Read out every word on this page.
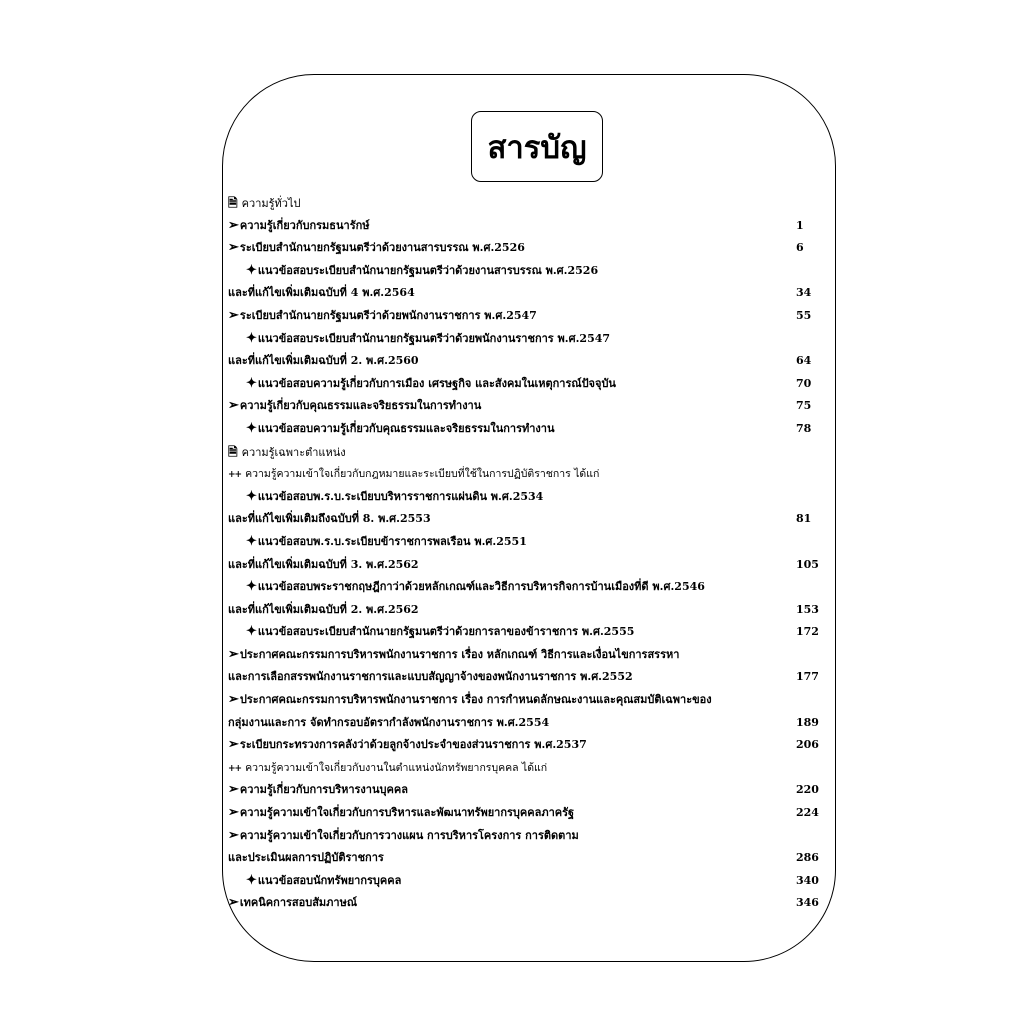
สารบัญ
🗎 ความรู้ทั่วไป
➢ความรู้เกี่ยวกับกรมธนารักษ์	1
➢ระเบียบสำนักนายกรัฐมนตรีว่าด้วยงานสารบรรณ พ.ศ.2526	6
✦แนวข้อสอบระเบียบสำนักนายกรัฐมนตรีว่าด้วยงานสารบรรณ พ.ศ.2526
และที่แก้ไขเพิ่มเติมฉบับที่ 4 พ.ศ.2564	34
➢ระเบียบสำนักนายกรัฐมนตรีว่าด้วยพนักงานราชการ พ.ศ.2547	55
✦แนวข้อสอบระเบียบสำนักนายกรัฐมนตรีว่าด้วยพนักงานราชการ พ.ศ.2547
และที่แก้ไขเพิ่มเติมฉบับที่ 2. พ.ศ.2560	64
✦แนวข้อสอบความรู้เกี่ยวกับการเมือง เศรษฐกิจ และสังคมในเหตุการณ์ปัจจุบัน	70
➢ความรู้เกี่ยวกับคุณธรรมและจริยธรรมในการทำงาน	75
✦แนวข้อสอบความรู้เกี่ยวกับคุณธรรมและจริยธรรมในการทำงาน	78
🗎 ความรู้เฉพาะตำแหน่ง
++ ความรู้ความเข้าใจเกี่ยวกับกฎหมายและระเบียบที่ใช้ในการปฏิบัติราชการ ได้แก่
✦แนวข้อสอบพ.ร.บ.ระเบียบบริหารราชการแผ่นดิน พ.ศ.2534
และที่แก้ไขเพิ่มเติมถึงฉบับที่ 8. พ.ศ.2553	81
✦แนวข้อสอบพ.ร.บ.ระเบียบข้าราชการพลเรือน พ.ศ.2551
และที่แก้ไขเพิ่มเติมฉบับที่ 3. พ.ศ.2562	105
✦แนวข้อสอบพระราชกฤษฎีกาว่าด้วยหลักเกณฑ์และวิธีการบริหารกิจการบ้านเมืองที่ดี พ.ศ.2546
และที่แก้ไขเพิ่มเติมฉบับที่ 2. พ.ศ.2562	153
✦แนวข้อสอบระเบียบสำนักนายกรัฐมนตรีว่าด้วยการลาของข้าราชการ พ.ศ.2555	172
➢ประกาศคณะกรรมการบริหารพนักงานราชการ เรื่อง หลักเกณฑ์ วิธีการและเงื่อนไขการสรรหา
และการเลือกสรรพนักงานราชการและแบบสัญญาจ้างของพนักงานราชการ พ.ศ.2552	177
➢ประกาศคณะกรรมการบริหารพนักงานราชการ เรื่อง การกำหนดลักษณะงานและคุณสมบัติเฉพาะของ
กลุ่มงานและการ จัดทำกรอบอัตรากำลังพนักงานราชการ พ.ศ.2554	189
➢ระเบียบกระทรวงการคลังว่าด้วยลูกจ้างประจำของส่วนราชการ พ.ศ.2537	206
++ ความรู้ความเข้าใจเกี่ยวกับงานในตำแหน่งนักทรัพยากรบุคคล ได้แก่
➢ความรู้เกี่ยวกับการบริหารงานบุคคล	220
➢ความรู้ความเข้าใจเกี่ยวกับการบริหารและพัฒนาทรัพยากรบุคคลภาครัฐ	224
➢ความรู้ความเข้าใจเกี่ยวกับการวางแผน การบริหารโครงการ การติดตาม
และประเมินผลการปฏิบัติราชการ	286
✦แนวข้อสอบนักทรัพยากรบุคคล	340
➢เทคนิคการสอบสัมภาษณ์	346
